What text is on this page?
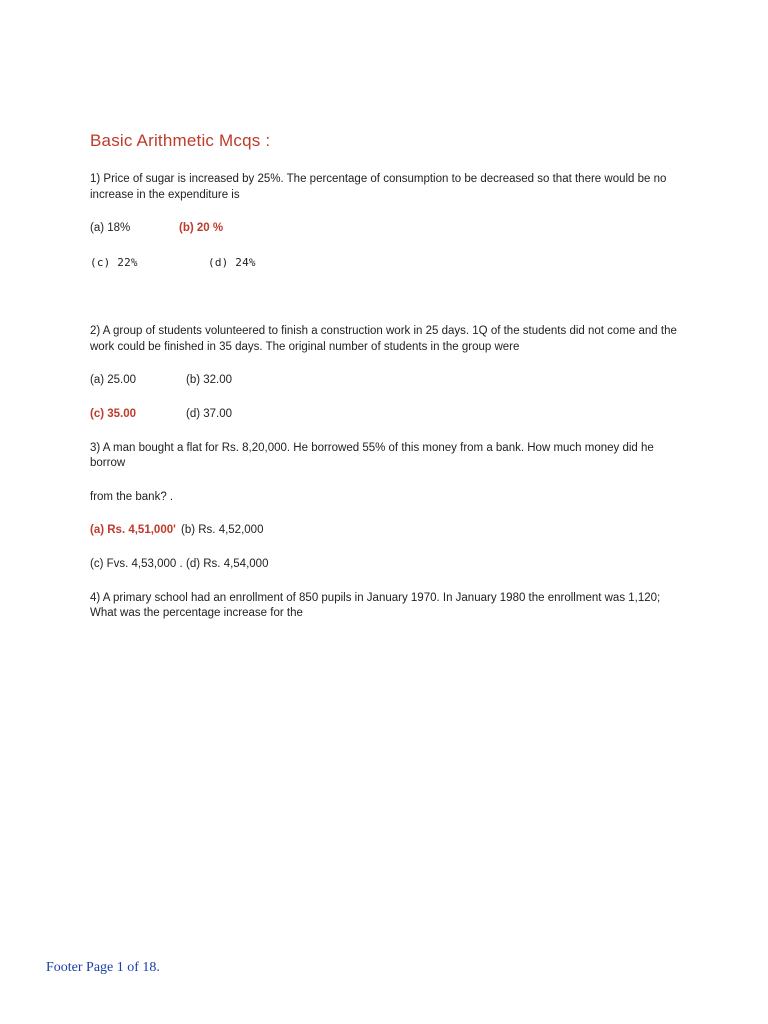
Basic Arithmetic Mcqs :
1) Price of sugar is increased by 25%. The percentage of consumption to be decreased so that there would be no
increase in the expenditure is
(a) 18%	(b) 20 %
(c) 22%	(d) 24%
2) A group of students volunteered to finish a construction work in 25 days. 1Q of the students did not come and the
work could be finished in 35 days. The original number of students in the group were
(a) 25.00	(b) 32.00
(c) 35.00	(d) 37.00
3) A man bought a flat for Rs. 8,20,000. He borrowed 55% of this money from a bank. How much money did he
borrow
from the bank? .
(a) Rs. 4,51,000' (b) Rs. 4,52,000
(c) Fvs. 4,53,000 . (d) Rs. 4,54,000
4) A primary school had an enrollment of 850 pupils in January 1970. In January 1980 the enrollment was 1,120;
What was the percentage increase for the
Footer Page 1 of 18.
